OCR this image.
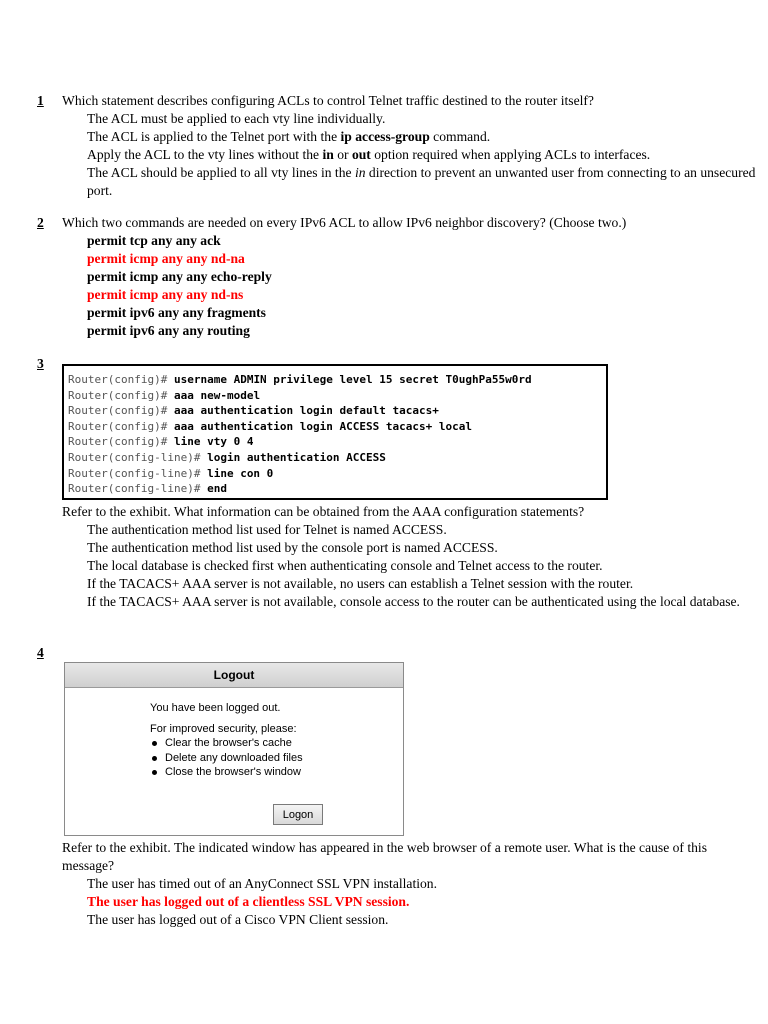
1 Which statement describes configuring ACLs to control Telnet traffic destined to the router itself?
The ACL must be applied to each vty line individually.
The ACL is applied to the Telnet port with the ip access-group command.
Apply the ACL to the vty lines without the in or out option required when applying ACLs to interfaces.
The ACL should be applied to all vty lines in the in direction to prevent an unwanted user from connecting to an unsecured port.
2 Which two commands are needed on every IPv6 ACL to allow IPv6 neighbor discovery? (Choose two.)
permit tcp any any ack
permit icmp any any nd-na
permit icmp any any echo-reply
permit icmp any any nd-ns
permit ipv6 any any fragments
permit ipv6 any any routing
3
Router(config)# username ADMIN privilege level 15 secret T0ughPa55w0rd
Router(config)# aaa new-model
Router(config)# aaa authentication login default tacacs+
Router(config)# aaa authentication login ACCESS tacacs+ local
Router(config)# line vty 0 4
Router(config-line)# login authentication ACCESS
Router(config-line)# line con 0
Router(config-line)# end
Refer to the exhibit. What information can be obtained from the AAA configuration statements?
The authentication method list used for Telnet is named ACCESS.
The authentication method list used by the console port is named ACCESS.
The local database is checked first when authenticating console and Telnet access to the router.
If the TACACS+ AAA server is not available, no users can establish a Telnet session with the router.
If the TACACS+ AAA server is not available, console access to the router can be authenticated using the local database.
4
Logout
You have been logged out.
For improved security, please:
Clear the browser's cache
Delete any downloaded files
Close the browser's window
Logon
Refer to the exhibit. The indicated window has appeared in the web browser of a remote user. What is the cause of this message?
The user has timed out of an AnyConnect SSL VPN installation.
The user has logged out of a clientless SSL VPN session.
The user has logged out of a Cisco VPN Client session.
